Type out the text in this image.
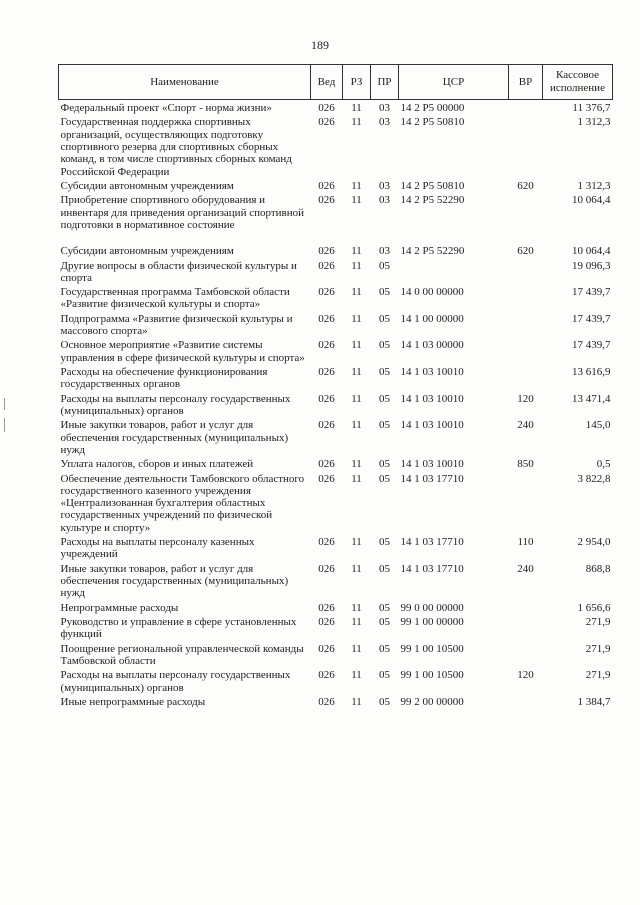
189
Наименование	Вед	РЗ	ПР	ЦСР	ВР	Кассовое исполнение
Федеральный проект «Спорт - норма жизни»	026	11	03	14 2 P5 00000		11 376,7
Государственная поддержка спортивных организаций, осуществляющих подготовку спортивного резерва для спортивных сборных команд, в том числе спортивных сборных команд Российской Федерации	026	11	03	14 2 P5 50810		1 312,3
Субсидии автономным учреждениям	026	11	03	14 2 P5 50810	620	1 312,3

Приобретение спортивного оборудования и инвентаря для приведения организаций спортивной подготовки в нормативное состояние	026	11	03	14 2 P5 52290		10 064,4
Субсидии автономным учреждениям	026	11	03	14 2 P5 52290	620	10 064,4
Другие вопросы в области физической культуры и спорта	026	11	05			19 096,3
Государственная программа Тамбовской области «Развитие физической культуры и спорта»	026	11	05	14 0 00 00000		17 439,7
Подпрограмма «Развитие физической культуры и массового спорта»	026	11	05	14 1 00 00000		17 439,7
Основное мероприятие «Развитие системы управления в сфере физической культуры и спорта»	026	11	05	14 1 03 00000		17 439,7
Расходы на обеспечение функционирования государственных органов	026	11	05	14 1 03 10010		13 616,9
Расходы на выплаты персоналу государственных (муниципальных) органов	026	11	05	14 1 03 10010	120	13 471,4
Иные закупки товаров, работ и услуг для обеспечения государственных (муниципальных) нужд	026	11	05	14 1 03 10010	240	145,0
Уплата налогов, сборов и иных платежей	026	11	05	14 1 03 10010	850	0,5
Обеспечение деятельности Тамбовского областного государственного казенного учреждения «Централизованная бухгалтерия областных государственных учреждений по физической культуре и спорту»	026	11	05	14 1 03 17710		3 822,8
Расходы на выплаты персоналу казенных учреждений	026	11	05	14 1 03 17710	110	2 954,0
Иные закупки товаров, работ и услуг для обеспечения государственных (муниципальных) нужд	026	11	05	14 1 03 17710	240	868,8
Непрограммные расходы	026	11	05	99 0 00 00000		1 656,6
Руководство и управление в сфере установленных функций	026	11	05	99 1 00 00000		271,9
Поощрение региональной управленческой команды Тамбовской области	026	11	05	99 1 00 10500		271,9
Расходы на выплаты персоналу государственных (муниципальных) органов	026	11	05	99 1 00 10500	120	271,9
Иные непрограммные расходы	026	11	05	99 2 00 00000		1 384,7
